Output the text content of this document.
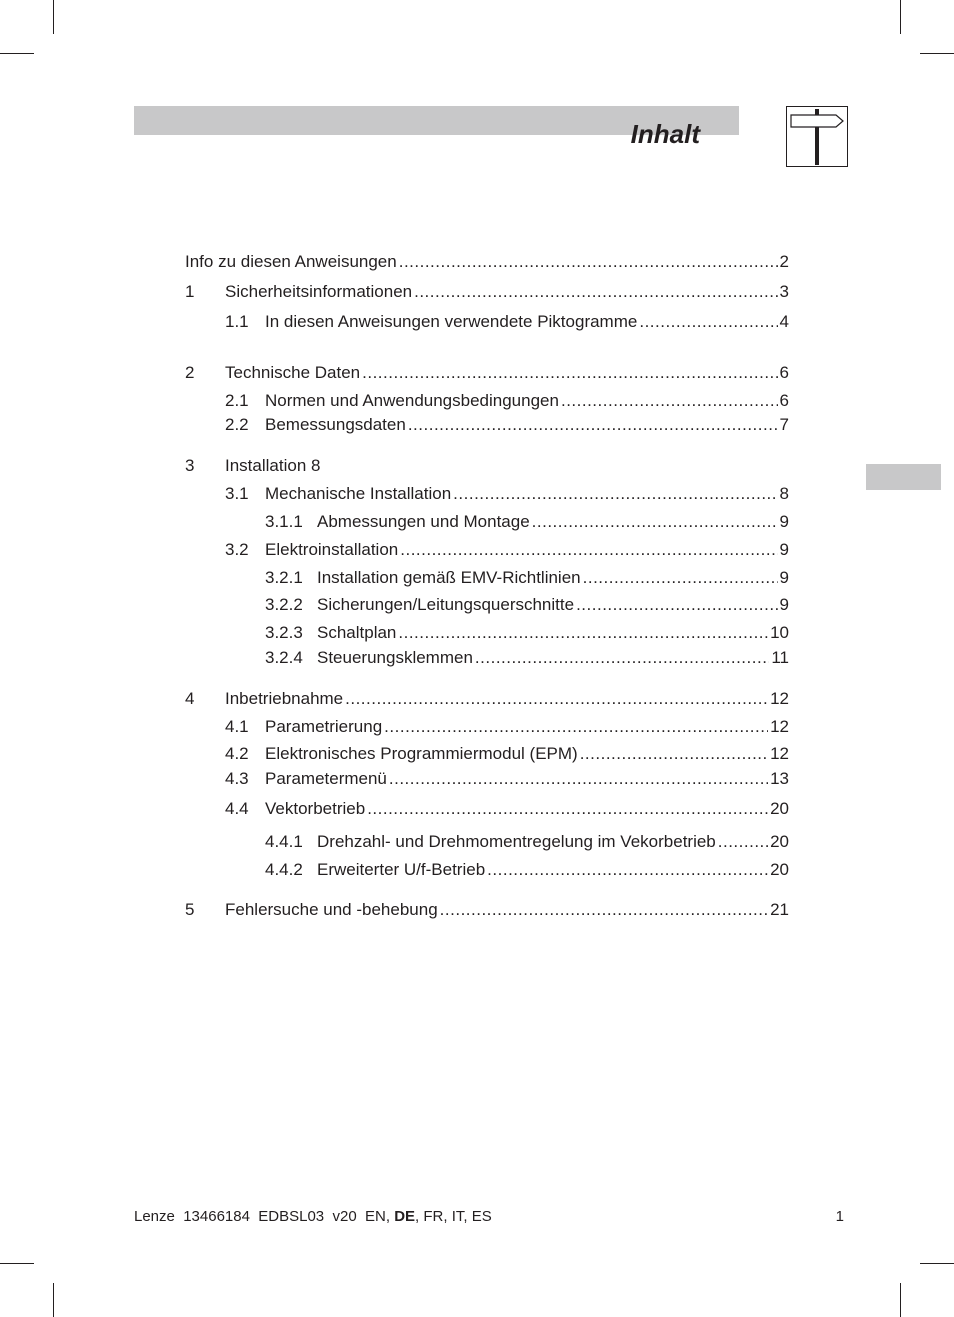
Inhalt
Info zu diesen Anweisungen .....	2
1	Sicherheitsinformationen .....	3
1.1 In diesen Anweisungen verwendete Piktogramme .....	4
2	Technische Daten .....	6
2.1 Normen und Anwendungsbedingungen .....	6
2.2 Bemessungsdaten .....	7
3	Installation 8
3.1 Mechanische Installation .....	8
3.1.1 Abmessungen und Montage .....	9
3.2 Elektroinstallation .....	9
3.2.1 Installation gemäß EMV-Richtlinien .....	9
3.2.2 Sicherungen/Leitungsquerschnitte .....	9
3.2.3 Schaltplan .....	10
3.2.4 Steuerungsklemmen .....	11
4	Inbetriebnahme .....	12
4.1 Parametrierung .....	12
4.2 Elektronisches Programmiermodul (EPM) .....	12
4.3 Parametermenü .....	13
4.4 Vektorbetrieb .....	20
4.4.1 Drehzahl- und Drehmomentregelung im Vekorbetrieb .....	20
4.4.2 Erweiterter U/f-Betrieb .....	20
5	Fehlersuche und -behebung .....	21
Lenze  13466184  EDBSL03  v20  EN, DE, FR, IT, ES	1
